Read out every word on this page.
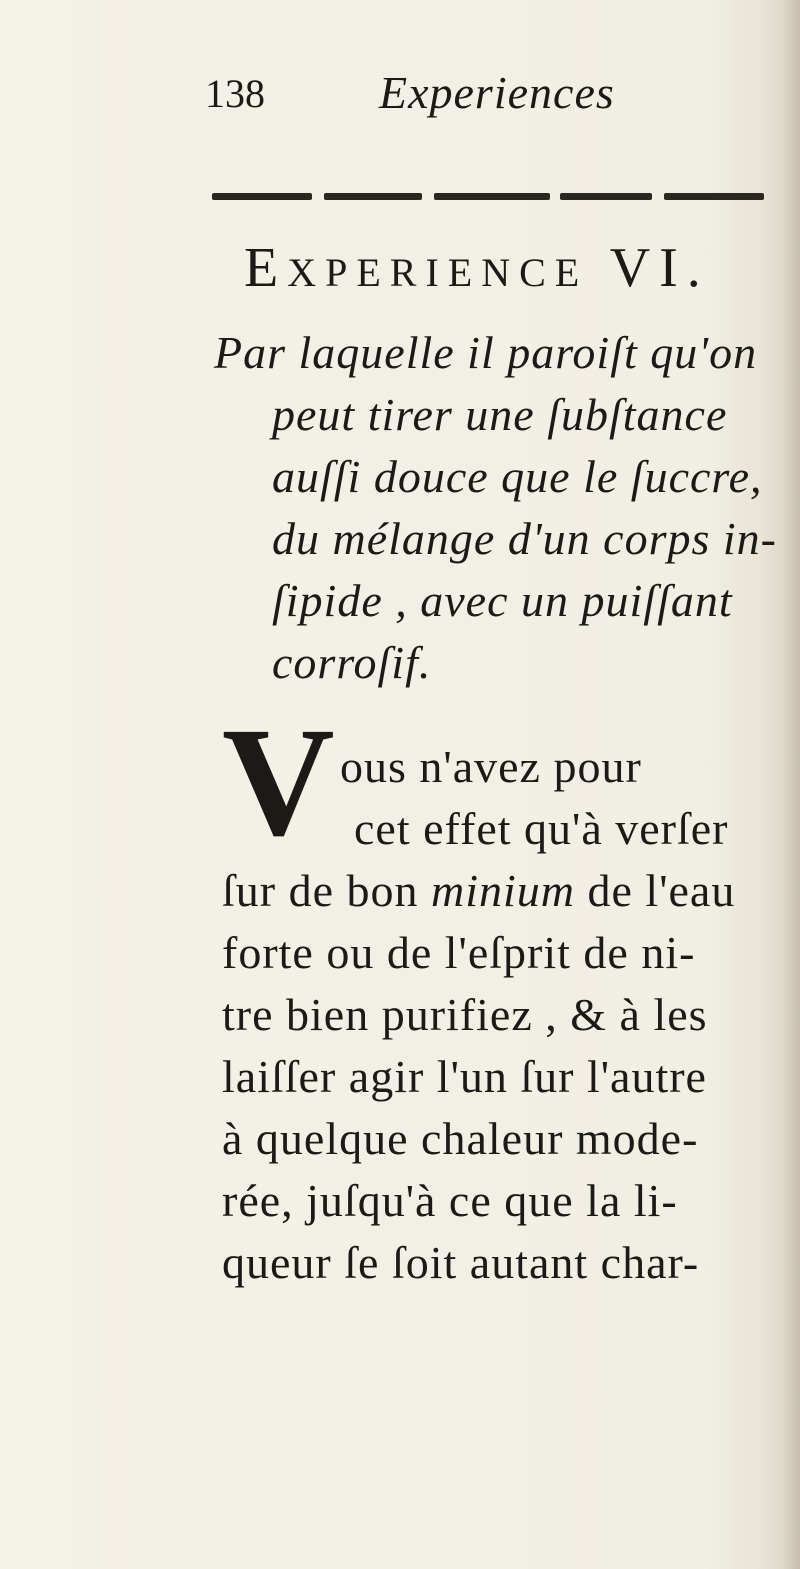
138 Experiences
EXPERIENCE VI.
Par laquelle il paroiſt qu'on
peut tirer une ſubſtance
auſſi douce que le ſuccre,
du mélange d'un corps in-
ſipide , avec un puiſſant
corroſif.
V ous n'avez pour
cet effet qu'à verſer
ſur de bon minium de l'eau
forte ou de l'eſprit de ni-
tre bien purifiez , & à les
laiſſer agir l'un ſur l'autre
à quelque chaleur mode-
rée, juſqu'à ce que la li-
queur ſe ſoit autant char-
